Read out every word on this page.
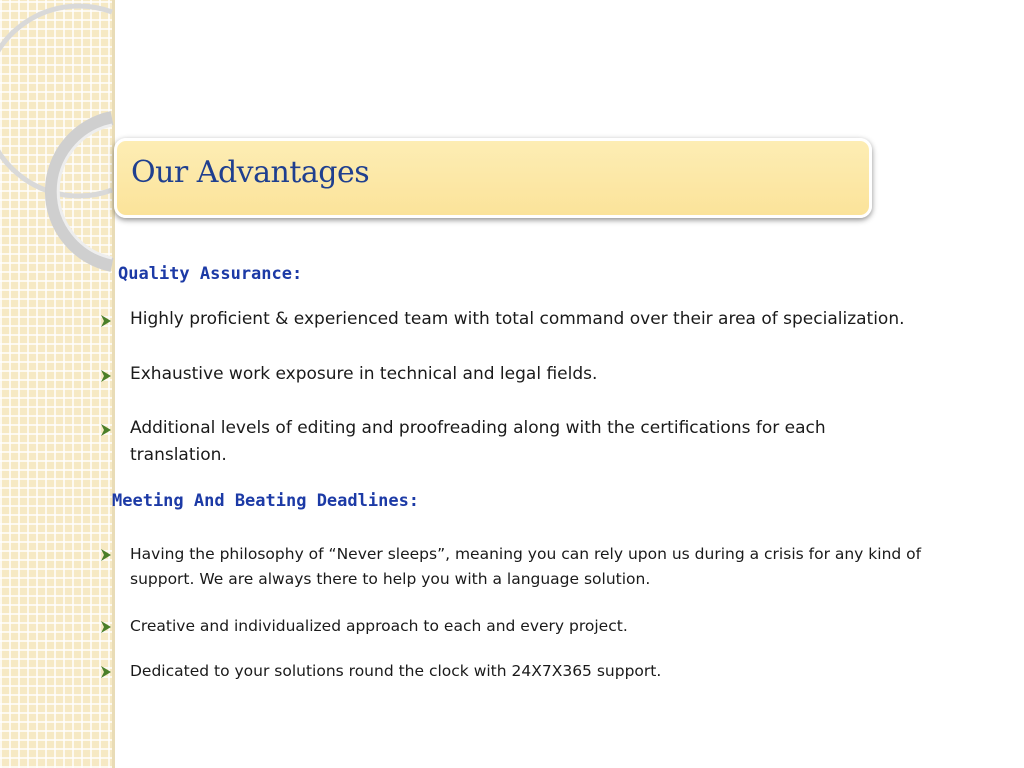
Our Advantages
Quality Assurance:
Highly proficient & experienced team with total command over their area of specialization.
Exhaustive work exposure in technical and legal fields.
Additional levels of editing and proofreading along with the certifications for each translation.
Meeting And Beating Deadlines:
Having the philosophy of “Never sleeps”, meaning you can rely upon us during a crisis for any kind of support. We are always there to help you with a language solution.
Creative and individualized approach to each and every project.
Dedicated to your solutions round the clock with 24X7X365 support.
